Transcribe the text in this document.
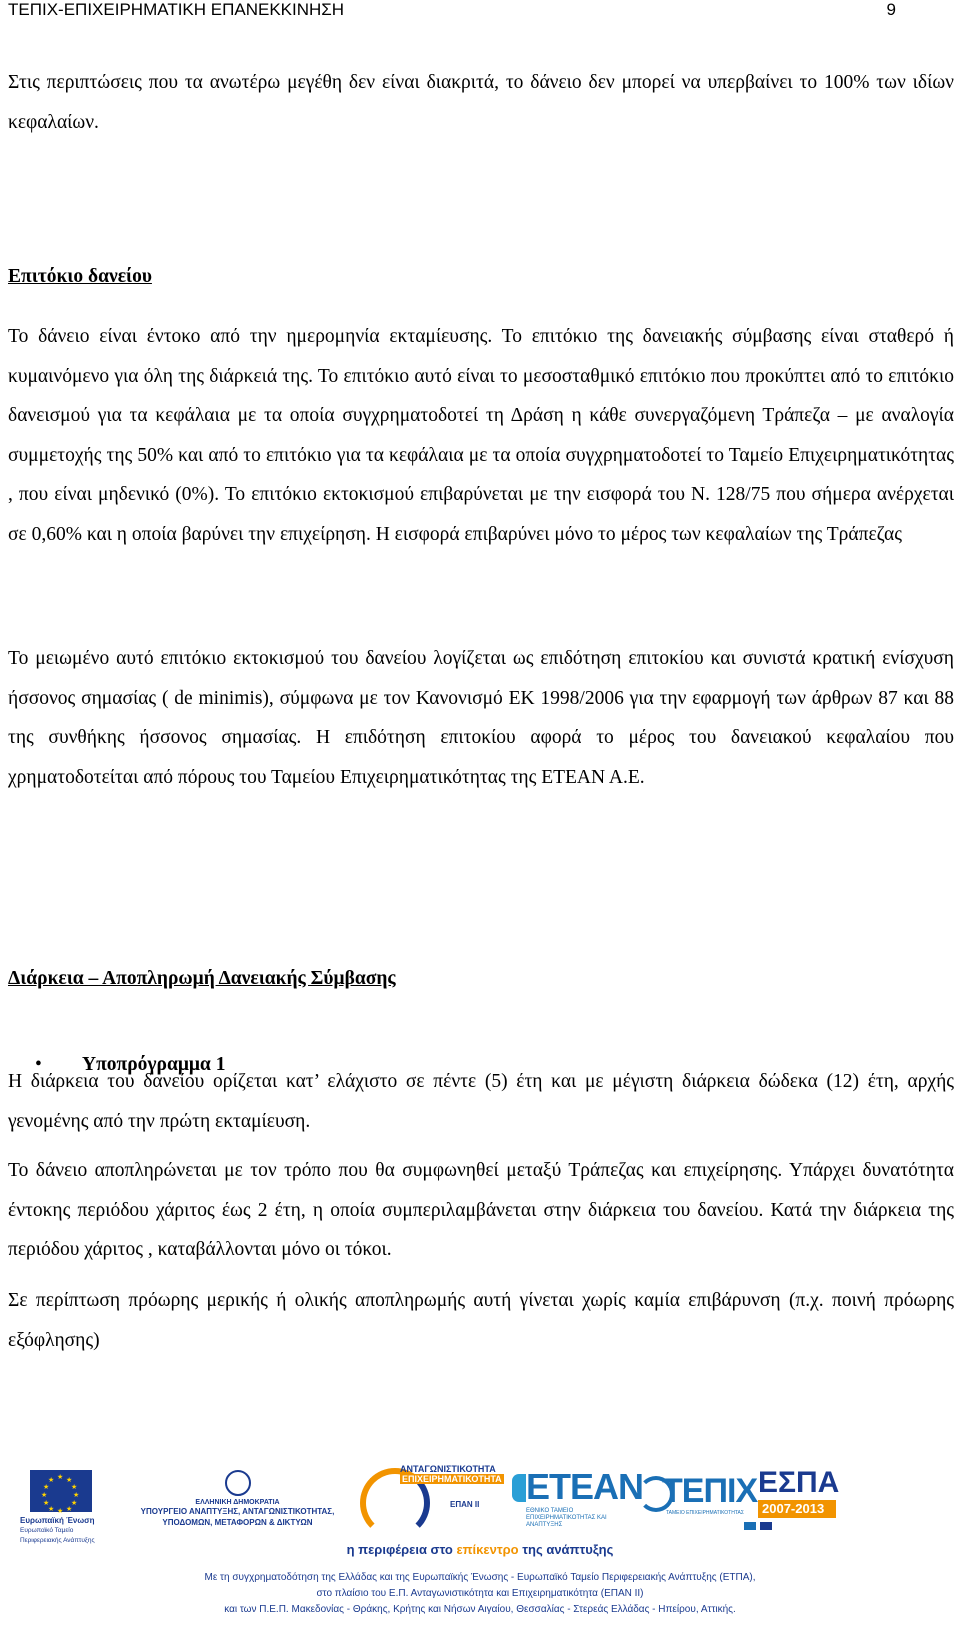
ΤΕΠΙΧ-ΕΠΙΧΕΙΡΗΜΑΤΙΚΗ ΕΠΑΝΕΚΚΙΝΗΣΗ	9

Στις περιπτώσεις που τα ανωτέρω μεγέθη δεν είναι διακριτά, το δάνειο δεν μπορεί να υπερβαίνει το 100% των ιδίων κεφαλαίων.

Επιτόκιο δανείου

Το δάνειο είναι έντοκο από την ημερομηνία εκταμίευσης. Το επιτόκιο της δανειακής σύμβασης είναι σταθερό ή κυμαινόμενο για όλη της διάρκειά της. Το επιτόκιο αυτό είναι το μεσοσταθμικό επιτόκιο που προκύπτει από το επιτόκιο δανεισμού για τα κεφάλαια με τα οποία συγχρηματοδοτεί τη Δράση η κάθε συνεργαζόμενη Τράπεζα – με αναλογία συμμετοχής της 50% και από το επιτόκιο για τα κεφάλαια με τα οποία συγχρηματοδοτεί το Ταμείο Επιχειρηματικότητας , που είναι μηδενικό (0%). Το επιτόκιο εκτοκισμού επιβαρύνεται με την εισφορά του Ν. 128/75 που σήμερα ανέρχεται σε 0,60% και η οποία βαρύνει την επιχείρηση. Η εισφορά επιβαρύνει μόνο το μέρος των κεφαλαίων της Τράπεζας

Το μειωμένο αυτό επιτόκιο εκτοκισμού του δανείου λογίζεται ως επιδότηση επιτοκίου και συνιστά κρατική ενίσχυση ήσσονος σημασίας ( de minimis), σύμφωνα με τον Κανονισμό ΕΚ 1998/2006 για την εφαρμογή των άρθρων 87 και 88 της συνθήκης ήσσονος σημασίας. Η επιδότηση επιτοκίου αφορά το μέρος του δανειακού κεφαλαίου που χρηματοδοτείται από πόρους του Ταμείου Επιχειρηματικότητας της ΕΤΕΑΝ Α.Ε.

Διάρκεια – Αποπληρωμή Δανειακής Σύμβασης

• Υποπρόγραμμα 1

Η διάρκεια του δανείου ορίζεται κατ’ ελάχιστο σε πέντε (5) έτη και με μέγιστη διάρκεια δώδεκα (12) έτη, αρχής γενομένης από την πρώτη εκταμίευση.

Το δάνειο αποπληρώνεται με τον τρόπο που θα συμφωνηθεί μεταξύ Τράπεζας και επιχείρησης. Υπάρχει δυνατότητα έντοκης περιόδου χάριτος έως 2 έτη, η οποία συμπεριλαμβάνεται στην διάρκεια του δανείου. Κατά την διάρκεια της περιόδου χάριτος , καταβάλλονται μόνο οι τόκοι.

Σε περίπτωση πρόωρης μερικής ή ολικής αποπληρωμής αυτή γίνεται χωρίς καμία επιβάρυνση (π.χ. ποινή πρόωρης εξόφλησης)

★ ★
★
★
★
★
★
★
★
★
★
★
Ευρωπαϊκή Ένωση
Ευρωπαϊκό Ταμείο Περιφερειακής Ανάπτυξης
ΕΛΛΗΝΙΚΗ ΔΗΜΟΚΡΑΤΙΑ
ΥΠΟΥΡΓΕΙΟ ΑΝΑΠΤΥΞΗΣ, ΑΝΤΑΓΩΝΙΣΤΙΚΟΤΗΤΑΣ, ΥΠΟΔΟΜΩΝ, ΜΕΤΑΦΟΡΩΝ & ΔΙΚΤΥΩΝ
ΑΝΤΑΓΩΝΙΣΤΙΚΟΤΗΤΑ
ΕΠΙΧΕΙΡΗΜΑΤΙΚΟΤΗΤΑ
ΕΠΑΝ II ETEAN
ΕΘΝΙΚΟ ΤΑΜΕΙΟ ΕΠΙΧΕΙΡΗΜΑΤΙΚΟΤΗΤΑΣ ΚΑΙ ΑΝΑΠΤΥΞΗΣ
ΤΕΠΙΧ
ΤΑΜΕΙΟ ΕΠΙΧΕΙΡΗΜΑΤΙΚΟΤΗΤΑΣ
ΕΣΠΑ
2007-2013
η περιφέρεια στο επίκεντρο της ανάπτυξης
Με τη συγχρηματοδότηση της Ελλάδας και της Ευρωπαϊκής Ένωσης - Ευρωπαϊκό Ταμείο Περιφερειακής Ανάπτυξης (ΕΤΠΑ),
στο πλαίσιο του Ε.Π. Ανταγωνιστικότητα και Επιχειρηματικότητα (ΕΠΑΝ ΙΙ)
και των Π.Ε.Π. Μακεδονίας - Θράκης, Κρήτης και Νήσων Αιγαίου, Θεσσαλίας - Στερεάς Ελλάδας - Ηπείρου, Αττικής.
